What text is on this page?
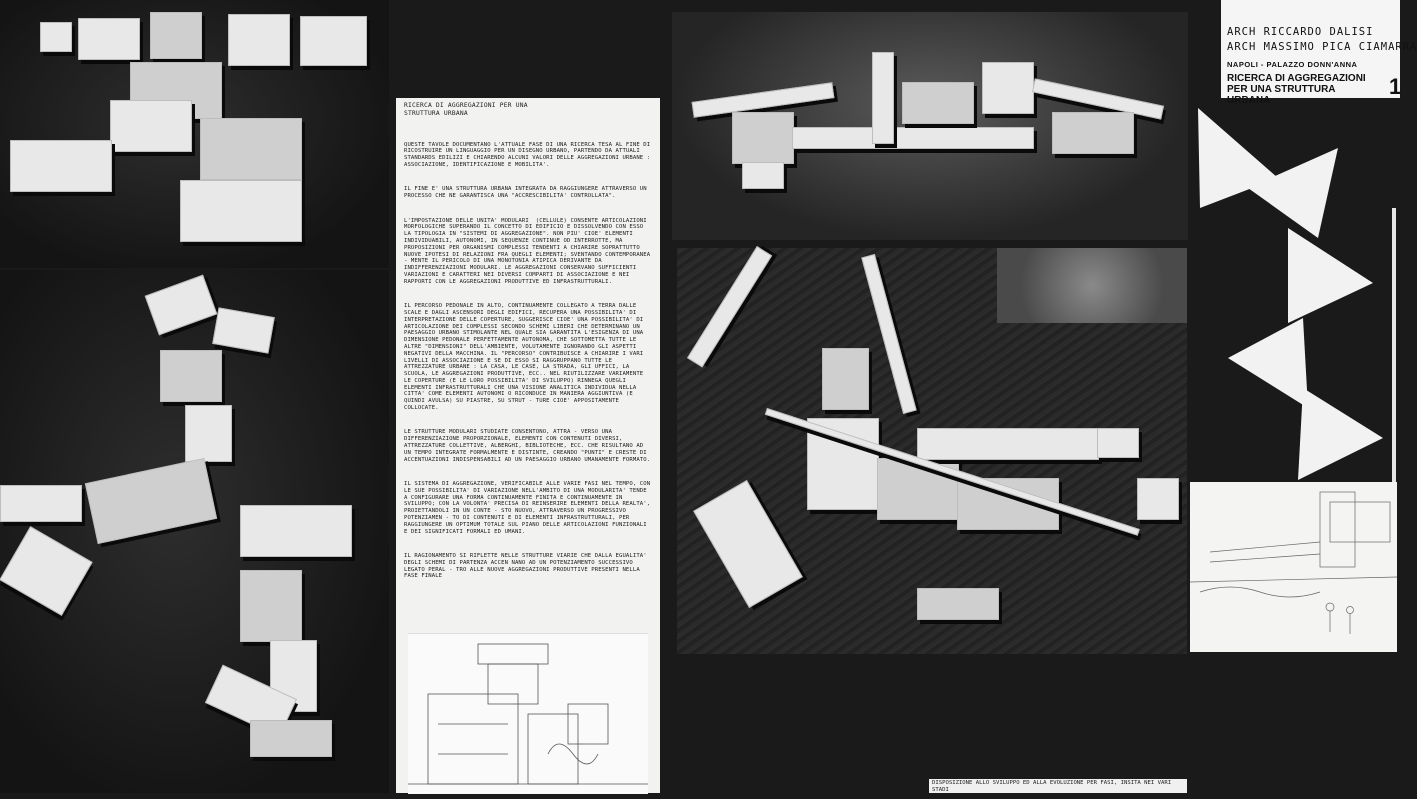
RICERCA DI AGGREGAZIONI PER UNA STRUTTURA URBANA

QUESTE TAVOLE DOCUMENTANO L'ATTUALE FASE DI UNA RICERCA TESA AL FINE DI RICOSTRUIRE UN LINGUAGGIO PER UN DISEGNO URBANO, PARTENDO DA ATTUALI STANDARDS EDILIZI E CHIARENDO ALCUNI VALORI DELLE AGGREGAZIONI URBANE : ASSOCIAZIONE, IDENTIFICAZIONE E MOBILITA'.

IL FINE E' UNA STRUTTURA URBANA INTEGRATA DA RAGGIUNGERE ATTRAVERSO UN PROCESSO CHE NE GARANTISCA UNA "ACCRESCIBILITA' CONTROLLATA".

L'IMPOSTAZIONE DELLE UNITA' MODULARI  (CELLULE) CONSENTE ARTICOLAZIONI MORFOLOGICHE SUPERANDO IL CONCETTO DI EDIFICIO E DISSOLVENDO CON ESSO LA TIPOLOGIA IN "SISTEMI DI AGGREGAZIONE". NON PIU' CIOE' ELEMENTI INDIVIDUABILI, AUTONOMI, IN SEQUENZE CONTINUE OD INTERROTTE, MA PROPOSIZIONI PER ORGANISMI COMPLESSI TENDENTI A CHIARIRE SOPRATTUTTO NUOVE IPOTESI DI RELAZIONI FRA QUEGLI ELEMENTI; SVENTANDO CONTEMPORANEA - MENTE IL PERICOLO DI UNA MONOTONIA ATIPICA DERIVANTE DA INDIFFERENZIAZIONI MODULARI. LE AGGREGAZIONI CONSERVANO SUFFICIENTI VARIAZIONI E CARATTERI NEI DIVERSI COMPARTI DI ASSOCIAZIONE E NEI RAPPORTI CON LE AGGREGAZIONI PRODUTTIVE ED INFRASTRUTTURALI.

IL PERCORSO PEDONALE IN ALTO, CONTINUAMENTE COLLEGATO A TERRA DALLE SCALE E DAGLI ASCENSORI DEGLI EDIFICI, RECUPERA UNA POSSIBILITA' DI INTERPRETAZIONE DELLE COPERTURE, SUGGERISCE CIOE' UNA POSSIBILITA' DI ARTICOLAZIONE DEI COMPLESSI SECONDO SCHEMI LIBERI CHE DETERMINANO UN PAESAGGIO URBANO STIMOLANTE NEL QUALE SIA GARANTITA L'ESIGENZA DI UNA DIMENSIONE PEDONALE PERFETTAMENTE AUTONOMA, CHE SOTTOMETTA TUTTE LE ALTRE "DIMENSIONI" DELL'AMBIENTE, VOLUTAMENTE IGNORANDO GLI ASPETTI NEGATIVI DELLA MACCHINA. IL "PERCORSO" CONTRIBUISCE A CHIARIRE I VARI LIVELLI DI ASSOCIAZIONE E SE DI ESSO SI RAGGRUPPANO TUTTE LE ATTREZZATURE URBANE : LA CASA, LE CASE, LA STRADA, GLI UFFICI, LA SCUOLA, LE AGGREGAZIONI PRODUTTIVE, ECC.. NEL RIUTILIZZARE VARIAMENTE LE COPERTURE (E LE LORO POSSIBILITA' DI SVILUPPO) RINNEGA QUEGLI ELEMENTI INFRASTRUTTURALI CHE UNA VISIONE ANALITICA INDIVIDUA NELLA CITTA' COME ELEMENTI AUTONOMI O RICONDUCE IN MANIERA AGGIUNTIVA (E QUINDI AVULSA) SU PIASTRE, SU STRUT - TURE CIOE' APPOSITAMENTE COLLOCATE.

LE STRUTTURE MODULARI STUDIATE CONSENTONO, ATTRA - VERSO UNA DIFFERENZIAZIONE PROPORZIONALE, ELEMENTI CON CONTENUTI DIVERSI, ATTREZZATURE COLLETTIVE, ALBERGHI, BIBLIOTECHE, ECC. CHE RISULTANO AD UN TEMPO INTEGRATE FORMALMENTE E DISTINTE, CREANDO "PUNTI" E CRESTE DI ACCENTUAZIONI INDISPENSABILI AD UN PAESAGGIO URBANO UMANAMENTE FORMATO.

IL SISTEMA DI AGGREGAZIONE, VERIFICABILE ALLE VARIE FASI NEL TEMPO, CON LE SUE POSSIBILITA' DI VARIAZIONE NELL'AMBITO DI UNA MODULARITA' TENDE A CONFIGURARE UNA FORMA CONTINUAMENTE FINITA E CONTINUAMENTE IN SVILUPPO; CON LA VOLONTA' PRECISA DI REINSERIRE ELEMENTI DELLA REALTA', PROIETTANDOLI IN UN CONTE - STO NUOVO, ATTRAVERSO UN PROGRESSIVO POTENZIAMEN - TO DI CONTENUTI E DI ELEMENTI INFRASTRUTTURALI, PER RAGGIUNGERE UN OPTIMUM TOTALE SUL PIANO DELLE ARTICOLAZIONI FUNZIONALI E DEI SIGNIFICATI FORMALI ED UMANI.

IL RAGIONAMENTO SI RIFLETTE NELLE STRUTTURE VIARIE CHE DALLA EGUALITA' DEGLI SCHEMI DI PARTENZA ACCEN NANO AD UN POTENZIAMENTO SUCCESSIVO LEGATO PERAL - TRO ALLE NUOVE AGGREGAZIONI PRODUTTIVE PRESENTI NELLA FASE FINALE

ARCH RICCARDO DALISI
ARCH MASSIMO PICA CIAMARRA
NAPOLI - PALAZZO DONN'ANNA
RICERCA DI AGGREGAZIONI PER UNA STRUTTURA URBANA
1
DISPOSIZIONE ALLO SVILUPPO ED ALLA EVOLUZIONE PER FASI, INSITA NEI VARI STADI
